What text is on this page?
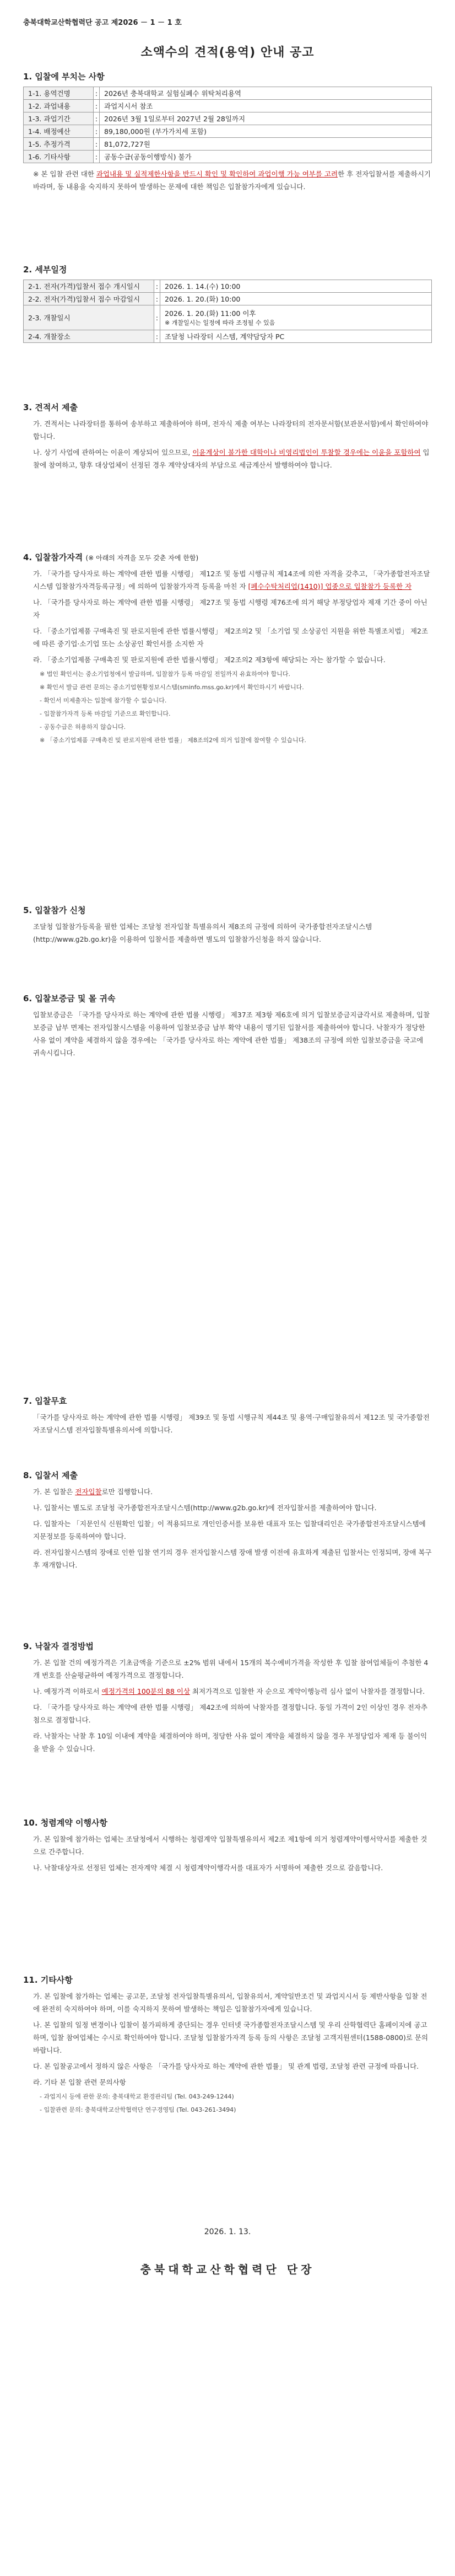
충북대학교산학협력단 공고 제2026 － 1 － 1 호
소액수의 견적(용역) 안내 공고
1. 입찰에 부치는 사항
1-1. 용역건명	:	2026년 충북대학교 실험실폐수 위탁처리용역
1-2. 과업내용	:	과업지시서 참조
1-3. 과업기간	:	2026년 3월 1일로부터 2027년 2월 28일까지
1-4. 배정예산	:	89,180,000원 (부가가치세 포함)
1-5. 추정가격	:	81,072,727원
1-6. 기타사항	:	공동수급(공동이행방식) 불가

※ 본 입찰 관련 대한 과업내용 및 실적제한사항을 반드시 확인 및 확인하여 과업이행 가능 여부를 고려한 후 전자입찰서를 제출하시기 바라며, 동 내용을 숙지하지 못하여 발생하는 문제에 대한 책임은 입찰참가자에게 있습니다.

2. 세부일정
2-1. 전자(가격)입찰서 접수 개시일시	:	2026. 1. 14.(수) 10:00
2-2. 전자(가격)입찰서 접수 마감일시	:	2026. 1. 20.(화) 10:00
2-3. 개찰일시	:	2026. 1. 20.(화) 11:00 이후
※ 개찰일시는 일정에 따라 조정될 수 있음

2-4. 개찰장소	:	조달청 나라장터 시스템, 계약담당자 PC
3. 견적서 제출

가. 견적서는 나라장터를 통하여 송부하고 제출하여야 하며, 전자식 제출 여부는 나라장터의 전자문서함(보관문서함)에서 확인하여야 합니다.

나. 상기 사업에 관하여는 이윤이 계상되어 있으므로, 이윤계상이 불가한 대학이나 비영리법인이 투찰할 경우에는 이윤을 포함하여 입찰에 참여하고, 향후 대상업체이 선정된 경우 계약상대자의 부담으로 세금계산서 발행하여야 합니다.

4. 입찰참가자격 (※ 아래의 자격을 모두 갖춘 자에 한함)

가. 「국가를 당사자로 하는 계약에 관한 법률 시행령」 제12조 및 동법 시행규칙 제14조에 의한 자격을 갖추고, 「국가종합전자조달시스템 입찰참가자격등록규정」에 의하여 입찰참가자격 등록을 마친 자 [폐수수탁처리업(1410)] 업종으로 입찰참가 등록한 자

나. 「국가를 당사자로 하는 계약에 관한 법률 시행령」 제27조 및 동법 시행령 제76조에 의거 해당 부정당업자 제재 기간 중이 아닌 자

다. 「중소기업제품 구매촉진 및 판로지원에 관한 법률시행령」 제2조의2 및 「소기업 및 소상공인 지원을 위한 특별조치법」 제2조에 따른 중기업·소기업 또는 소상공인 확인서를 소지한 자

라. 「중소기업제품 구매촉진 및 판로지원에 관한 법률시행령」 제2조의2 제3항에 해당되는 자는 참가할 수 없습니다.

※ 법인 확인서는 중소기업청에서 발급하며, 입찰참가 등록 마감일 전일까지 유효하여야 합니다.

※ 확인서 발급 관련 문의는 중소기업현황정보시스템(sminfo.mss.go.kr)에서 확인하시기 바랍니다.

- 확인서 미제출자는 입찰에 참가할 수 없습니다.

- 입찰참가자격 등록 마감일 기준으로 확인합니다.

- 공동수급은 허용하지 않습니다.

※ 「중소기업제품 구매촉진 및 판로지원에 관한 법률」 제8조의2에 의거 입찰에 참여할 수 있습니다.

5. 입찰참가 신청

조달청 입찰참가등록을 필한 업체는 조달청 전자입찰 특별유의서 제8조의 규정에 의하여 국가종합전자조달시스템(http://www.g2b.go.kr)을 이용하여 입찰서를 제출하면 별도의 입찰참가신청을 하지 않습니다.

6. 입찰보증금 및 몰 귀속

입찰보증금은 「국가를 당사자로 하는 계약에 관한 법률 시행령」 제37조 제3항 제6호에 의거 입찰보증금지급각서로 제출하며, 입찰보증금 납부 면제는 전자입찰시스템을 이용하여 입찰보증금 납부 확약 내용이 명기된 입찰서를 제출하여야 합니다. 낙찰자가 정당한 사유 없이 계약을 체결하지 않을 경우에는 「국가를 당사자로 하는 계약에 관한 법률」 제38조의 규정에 의한 입찰보증금을 국고에 귀속시킵니다.

7. 입찰무효

「국가를 당사자로 하는 계약에 관한 법률 시행령」 제39조 및 동법 시행규칙 제44조 및 용역·구매입찰유의서 제12조 및 국가종합전자조달시스템 전자입찰특별유의서에 의합니다.

8. 입찰서 제출

가. 본 입찰은 전자입찰로만 집행합니다.

나. 입찰서는 별도로 조달청 국가종합전자조달시스템(http://www.g2b.go.kr)에 전자입찰서를 제출하여야 합니다.

다. 입찰자는 「지문인식 신원확인 입찰」이 적용되므로 개인인증서를 보유한 대표자 또는 입찰대리인은 국가종합전자조달시스템에 지문정보를 등록하여야 합니다.

라. 전자입찰시스템의 장애로 인한 입찰 연기의 경우 전자입찰시스템 장애 발생 이전에 유효하게 제출된 입찰서는 인정되며, 장애 복구 후 재개합니다.

9. 낙찰자 결정방법

가. 본 입찰 건의 예정가격은 기초금액을 기준으로 ±2% 범위 내에서 15개의 복수예비가격을 작성한 후 입찰 참여업체들이 추첨한 4개 번호를 산술평균하여 예정가격으로 결정합니다.

나. 예정가격 이하로서 예정가격의 100분의 88 이상 최저가격으로 입찰한 자 순으로 계약이행능력 심사 없이 낙찰자를 결정합니다.

다. 「국가를 당사자로 하는 계약에 관한 법률 시행령」 제42조에 의하여 낙찰자를 결정합니다. 동일 가격이 2인 이상인 경우 전자추첨으로 결정합니다.

라. 낙찰자는 낙찰 후 10일 이내에 계약을 체결하여야 하며, 정당한 사유 없이 계약을 체결하지 않을 경우 부정당업자 제재 등 불이익을 받을 수 있습니다.

10. 청렴계약 이행사항

가. 본 입찰에 참가하는 업체는 조달청에서 시행하는 청렴계약 입찰특별유의서 제2조 제1항에 의거 청렴계약이행서약서를 제출한 것으로 간주합니다.

나. 낙찰대상자로 선정된 업체는 전자계약 체결 시 청렴계약이행각서를 대표자가 서명하여 제출한 것으로 갈음합니다.

11. 기타사항

가. 본 입찰에 참가하는 업체는 공고문, 조달청 전자입찰특별유의서, 입찰유의서, 계약일반조건 및 과업지시서 등 제반사항을 입찰 전에 완전히 숙지하여야 하며, 이를 숙지하지 못하여 발생하는 책임은 입찰참가자에게 있습니다.

나. 본 입찰의 일정 변경이나 입찰이 불가피하게 중단되는 경우 인터넷 국가종합전자조달시스템 및 우리 산학협력단 홈페이지에 공고하며, 입찰 참여업체는 수시로 확인하여야 합니다. 조달청 입찰참가자격 등록 등의 사항은 조달청 고객지원센터(1588-0800)로 문의 바랍니다.

다. 본 입찰공고에서 정하지 않은 사항은 「국가를 당사자로 하는 계약에 관한 법률」 및 관계 법령, 조달청 관련 규정에 따릅니다.

라. 기타 본 입찰 관련 문의사항

- 과업지시 등에 관한 문의: 충북대학교 환경관리팀 (Tel. 043-249-1244)

- 입찰관련 문의: 충북대학교산학협력단 연구경영팀 (Tel. 043-261-3494)

2026. 1. 13.
충북대학교산학협력단 단장
